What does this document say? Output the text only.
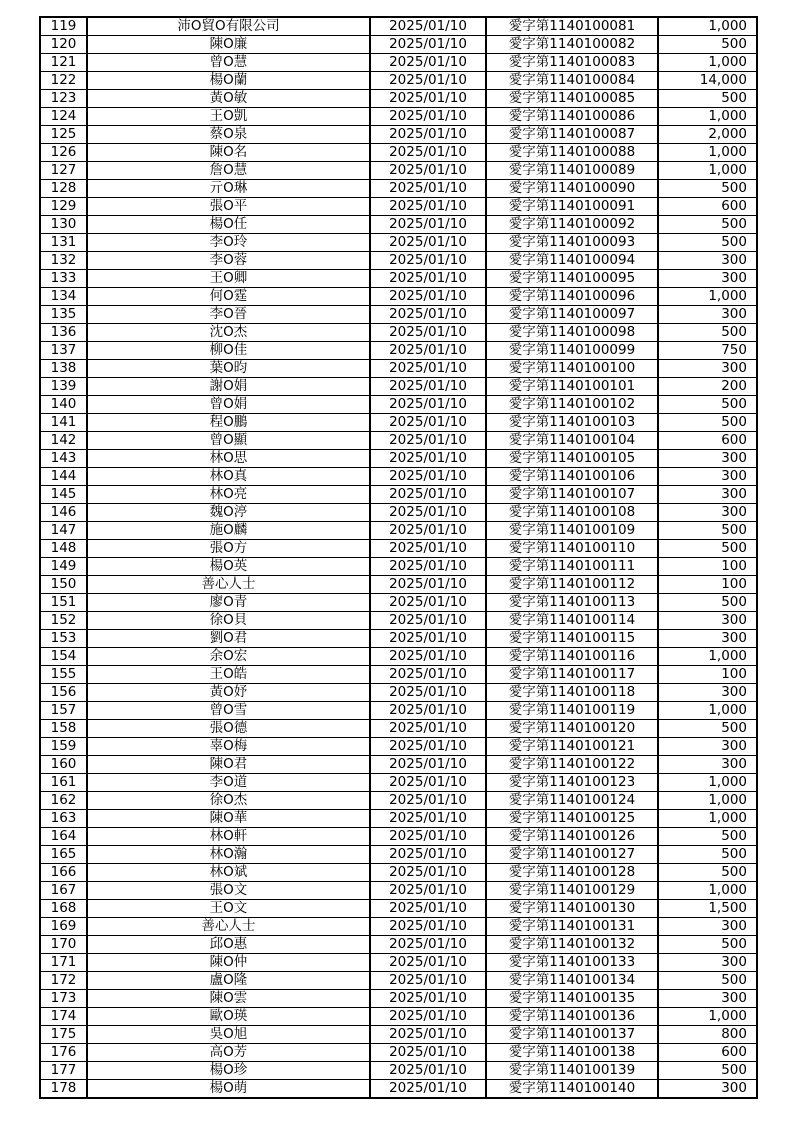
119	沛O貿O有限公司	2025/01/10	愛字第1140100081	1,000
120	陳O廉	2025/01/10	愛字第1140100082	500
121	曾O慧	2025/01/10	愛字第1140100083	1,000
122	楊O蘭	2025/01/10	愛字第1140100084	14,000
123	黃O敏	2025/01/10	愛字第1140100085	500
124	王O凱	2025/01/10	愛字第1140100086	1,000
125	蔡O泉	2025/01/10	愛字第1140100087	2,000
126	陳O名	2025/01/10	愛字第1140100088	1,000
127	詹O慧	2025/01/10	愛字第1140100089	1,000
128	亓O琳	2025/01/10	愛字第1140100090	500
129	張O平	2025/01/10	愛字第1140100091	600
130	楊O任	2025/01/10	愛字第1140100092	500
131	李O玲	2025/01/10	愛字第1140100093	500
132	李O蓉	2025/01/10	愛字第1140100094	300
133	王O卿	2025/01/10	愛字第1140100095	300
134	何O霆	2025/01/10	愛字第1140100096	1,000
135	李O晉	2025/01/10	愛字第1140100097	300
136	沈O杰	2025/01/10	愛字第1140100098	500
137	柳O佳	2025/01/10	愛字第1140100099	750
138	葉O昀	2025/01/10	愛字第1140100100	300
139	謝O娟	2025/01/10	愛字第1140100101	200
140	曾O娟	2025/01/10	愛字第1140100102	500
141	程O鵬	2025/01/10	愛字第1140100103	500
142	曾O顯	2025/01/10	愛字第1140100104	600
143	林O思	2025/01/10	愛字第1140100105	300
144	林O真	2025/01/10	愛字第1140100106	300
145	林O亮	2025/01/10	愛字第1140100107	300
146	魏O渟	2025/01/10	愛字第1140100108	300
147	施O麟	2025/01/10	愛字第1140100109	500
148	張O方	2025/01/10	愛字第1140100110	500
149	楊O英	2025/01/10	愛字第1140100111	100
150	善心人士	2025/01/10	愛字第1140100112	100
151	廖O青	2025/01/10	愛字第1140100113	500
152	徐O貝	2025/01/10	愛字第1140100114	300
153	劉O君	2025/01/10	愛字第1140100115	300
154	余O宏	2025/01/10	愛字第1140100116	1,000
155	王O皓	2025/01/10	愛字第1140100117	100
156	黃O妤	2025/01/10	愛字第1140100118	300
157	曾O雪	2025/01/10	愛字第1140100119	1,000
158	張O德	2025/01/10	愛字第1140100120	500
159	辜O梅	2025/01/10	愛字第1140100121	300
160	陳O君	2025/01/10	愛字第1140100122	300
161	李O道	2025/01/10	愛字第1140100123	1,000
162	徐O杰	2025/01/10	愛字第1140100124	1,000
163	陳O華	2025/01/10	愛字第1140100125	1,000
164	林O軒	2025/01/10	愛字第1140100126	500
165	林O瀚	2025/01/10	愛字第1140100127	500
166	林O斌	2025/01/10	愛字第1140100128	500
167	張O文	2025/01/10	愛字第1140100129	1,000
168	王O文	2025/01/10	愛字第1140100130	1,500
169	善心人士	2025/01/10	愛字第1140100131	300
170	邱O惠	2025/01/10	愛字第1140100132	500
171	陳O仲	2025/01/10	愛字第1140100133	300
172	盧O隆	2025/01/10	愛字第1140100134	500
173	陳O雲	2025/01/10	愛字第1140100135	300
174	歐O瑛	2025/01/10	愛字第1140100136	1,000
175	吳O旭	2025/01/10	愛字第1140100137	800
176	高O芳	2025/01/10	愛字第1140100138	600
177	楊O珍	2025/01/10	愛字第1140100139	500
178	楊O萌	2025/01/10	愛字第1140100140	300
